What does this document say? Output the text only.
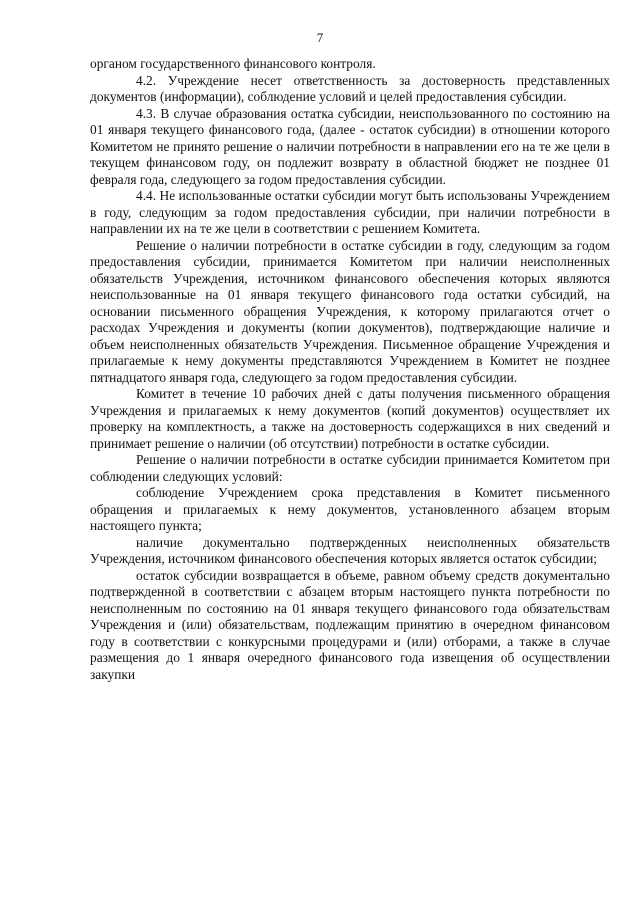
7

органом государственного финансового контроля.

4.2. Учреждение несет ответственность за достоверность представленных документов (информации), соблюдение условий и целей предоставления субсидии.

4.3. В случае образования остатка субсидии, неиспользованного по состоянию на 01 января текущего финансового года, (далее - остаток субсидии) в отношении которого Комитетом не принято решение о наличии потребности в направлении его на те же цели в текущем финансовом году, он подлежит возврату в областной бюджет не позднее 01 февраля года, следующего за годом предоставления субсидии.

4.4. Не использованные остатки субсидии могут быть использованы Учреждением в году, следующим за годом предоставления субсидии, при наличии потребности в направлении их на те же цели в соответствии с решением Комитета.

Решение о наличии потребности в остатке субсидии в году, следующим за годом предоставления субсидии, принимается Комитетом при наличии неисполненных обязательств Учреждения, источником финансового обеспечения которых являются неиспользованные на 01 января текущего финансового года остатки субсидий, на основании письменного обращения Учреждения, к которому прилагаются отчет о расходах Учреждения и документы (копии документов), подтверждающие наличие и объем неисполненных обязательств Учреждения. Письменное обращение Учреждения и прилагаемые к нему документы представляются Учреждением в Комитет не позднее пятнадцатого января года, следующего за годом предоставления субсидии.

Комитет в течение 10 рабочих дней с даты получения письменного обращения Учреждения и прилагаемых к нему документов (копий документов) осуществляет их проверку на комплектность, а также на достоверность содержащихся в них сведений и принимает решение о наличии (об отсутствии) потребности в остатке субсидии.

Решение о наличии потребности в остатке субсидии принимается Комитетом при соблюдении следующих условий:

соблюдение Учреждением срока представления в Комитет письменного обращения и прилагаемых к нему документов, установленного абзацем вторым настоящего пункта;

наличие документально подтвержденных неисполненных обязательств Учреждения, источником финансового обеспечения которых является остаток субсидии;

остаток субсидии возвращается в объеме, равном объему средств документально подтвержденной в соответствии с абзацем вторым настоящего пункта потребности по неисполненным по состоянию на 01 января текущего финансового года обязательствам Учреждения и (или) обязательствам, подлежащим принятию в очередном финансовом году в соответствии с конкурсными процедурами и (или) отборами, а также в случае размещения до 1 января очередного финансового года извещения об осуществлении закупки
